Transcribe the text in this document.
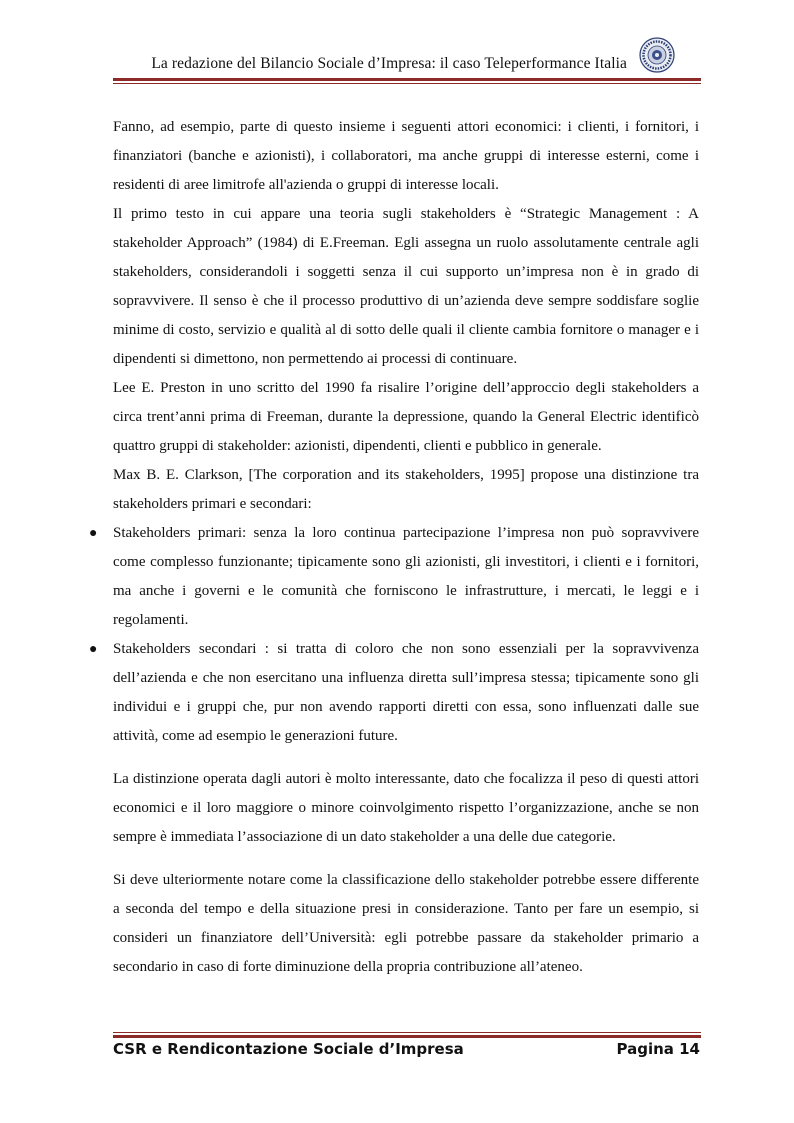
La redazione del Bilancio Sociale d’Impresa: il caso Teleperformance Italia

Fanno, ad esempio, parte di questo insieme i seguenti attori economici: i clienti, i fornitori, i finanziatori (banche e azionisti), i collaboratori, ma anche gruppi di interesse esterni, come i residenti di aree limitrofe all'azienda o gruppi di interesse locali.

Il primo testo in cui appare una teoria sugli stakeholders è “Strategic Management : A stakeholder Approach” (1984) di E.Freeman. Egli assegna un ruolo assolutamente centrale agli stakeholders, considerandoli i soggetti senza il cui supporto un’impresa non è in grado di sopravvivere. Il senso è che il processo produttivo di un’azienda deve sempre soddisfare soglie minime di costo, servizio e qualità al di sotto delle quali il cliente cambia fornitore o manager e i dipendenti si dimettono, non permettendo ai processi di continuare.

Lee E. Preston in uno scritto del 1990 fa risalire l’origine dell’approccio degli stakeholders a circa trent’anni prima di Freeman, durante la depressione, quando la General Electric identificò quattro gruppi di stakeholder: azionisti, dipendenti, clienti e pubblico in generale.

Max B. E. Clarkson, [The corporation and its stakeholders, 1995] propose una distinzione tra stakeholders primari e secondari:

● Stakeholders primari: senza la loro continua partecipazione l’impresa non può sopravvivere come complesso funzionante; tipicamente sono gli azionisti, gli investitori, i clienti e i fornitori, ma anche i governi e le comunità che forniscono le infrastrutture, i mercati, le leggi e i regolamenti.
● Stakeholders secondari : si tratta di coloro che non sono essenziali per la sopravvivenza dell’azienda e che non esercitano una influenza diretta sull’impresa stessa; tipicamente sono gli individui e i gruppi che, pur non avendo rapporti diretti con essa, sono influenzati dalle sue attività, come ad esempio le generazioni future.

La distinzione operata dagli autori è molto interessante, dato che focalizza il peso di questi attori economici e il loro maggiore o minore coinvolgimento rispetto l’organizzazione, anche se non sempre è immediata l’associazione di un dato stakeholder a una delle due categorie.

Si deve ulteriormente notare come la classificazione dello stakeholder potrebbe essere differente a seconda del tempo e della situazione presi in considerazione. Tanto per fare un esempio, si consideri un finanziatore dell’Università: egli potrebbe passare da stakeholder primario a secondario in caso di forte diminuzione della propria contribuzione all’ateneo.

CSR e Rendicontazione Sociale d’Impresa	Pagina 14
